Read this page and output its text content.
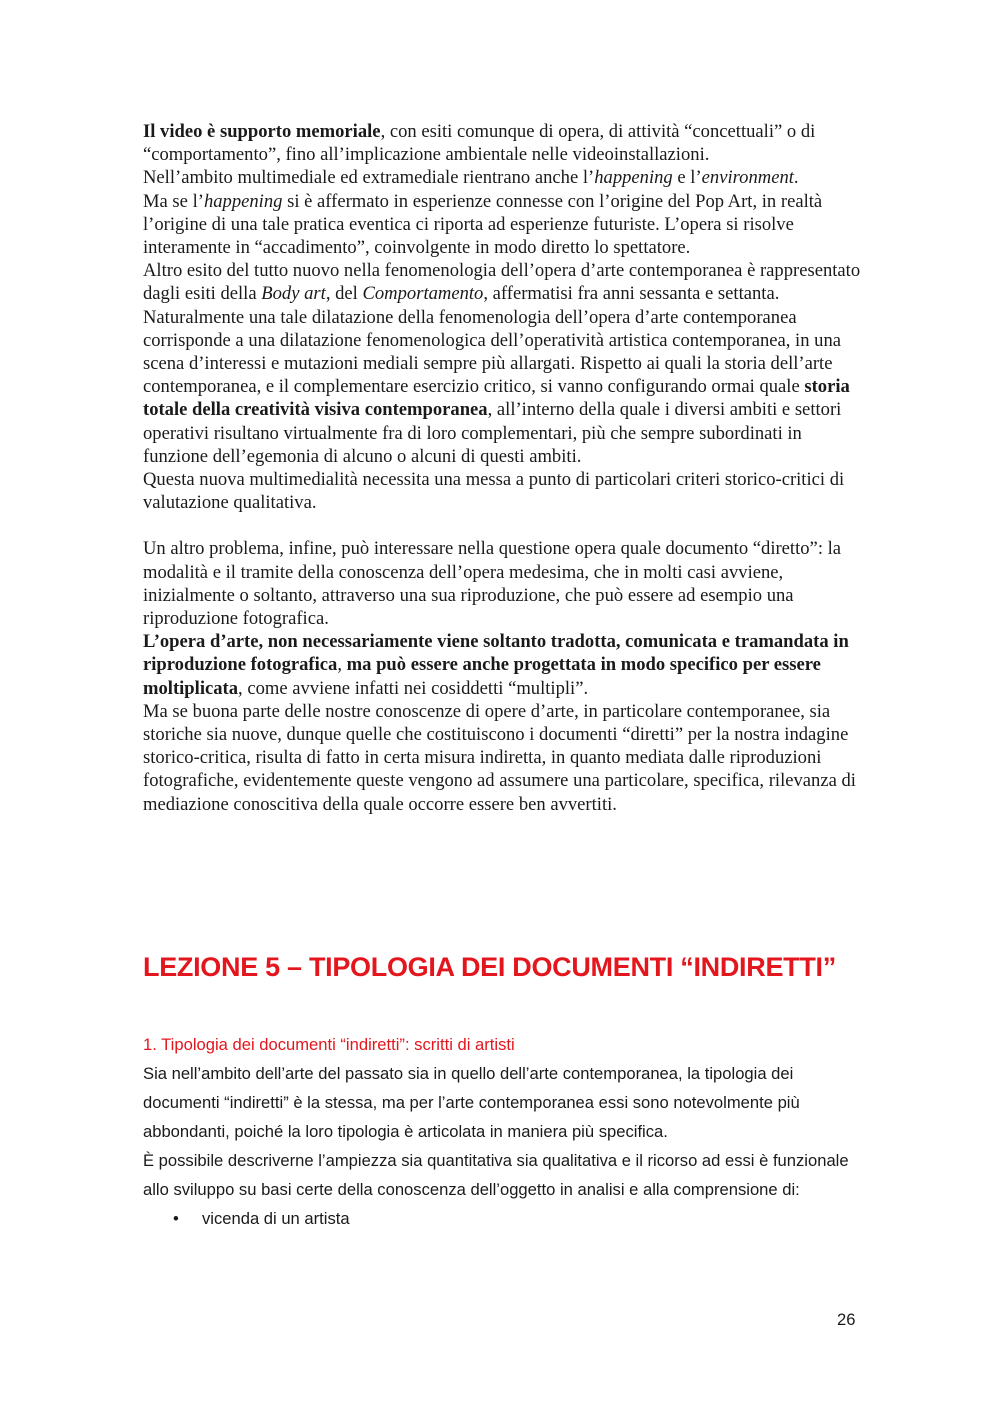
Il video è supporto memoriale, con esiti comunque di opera, di attività “concettuali” o di “comportamento”, fino all’implicazione ambientale nelle videoinstallazioni.

Nell’ambito multimediale ed extramediale rientrano anche l’happening e l’environment.

Ma se l’happening si è affermato in esperienze connesse con l’origine del Pop Art, in realtà l’origine di una tale pratica eventica ci riporta ad esperienze futuriste. L’opera si risolve interamente in “accadimento”, coinvolgente in modo diretto lo spettatore.

Altro esito del tutto nuovo nella fenomenologia dell’opera d’arte contemporanea è rappresentato dagli esiti della Body art, del Comportamento, affermatisi fra anni sessanta e settanta.

Naturalmente una tale dilatazione della fenomenologia dell’opera d’arte contemporanea corrisponde a una dilatazione fenomenologica dell’operatività artistica contemporanea, in una scena d’interessi e mutazioni mediali sempre più allargati. Rispetto ai quali la storia dell’arte contemporanea, e il complementare esercizio critico, si vanno configurando ormai quale storia totale della creatività visiva contemporanea, all’interno della quale i diversi ambiti e settori operativi risultano virtualmente fra di loro complementari, più che sempre subordinati in funzione dell’egemonia di alcuno o alcuni di questi ambiti.

Questa nuova multimedialità necessita una messa a punto di particolari criteri storico-critici di valutazione qualitativa.

Un altro problema, infine, può interessare nella questione opera quale documento “diretto”: la modalità e il tramite della conoscenza dell’opera medesima, che in molti casi avviene, inizialmente o soltanto, attraverso una sua riproduzione, che può essere ad esempio una riproduzione fotografica.

L’opera d’arte, non necessariamente viene soltanto tradotta, comunicata e tramandata in riproduzione fotografica, ma può essere anche progettata in modo specifico per essere moltiplicata, come avviene infatti nei cosiddetti “multipli”.

Ma se buona parte delle nostre conoscenze di opere d’arte, in particolare contemporanee, sia storiche sia nuove, dunque quelle che costituiscono i documenti “diretti” per la nostra indagine storico-critica, risulta di fatto in certa misura indiretta, in quanto mediata dalle riproduzioni fotografiche, evidentemente queste vengono ad assumere una particolare, specifica, rilevanza di mediazione conoscitiva della quale occorre essere ben avvertiti.

LEZIONE 5 – TIPOLOGIA DEI DOCUMENTI “INDIRETTI”

1. Tipologia dei documenti “indiretti”: scritti di artisti

Sia nell’ambito dell’arte del passato sia in quello dell’arte contemporanea, la tipologia dei documenti “indiretti” è la stessa, ma per l’arte contemporanea essi sono notevolmente più abbondanti, poiché la loro tipologia è articolata in maniera più specifica.

È possibile descriverne l’ampiezza sia quantitativa sia qualitativa e il ricorso ad essi è funzionale allo sviluppo su basi certe della conoscenza dell’oggetto in analisi e alla comprensione di:

• vicenda di un artista
26
